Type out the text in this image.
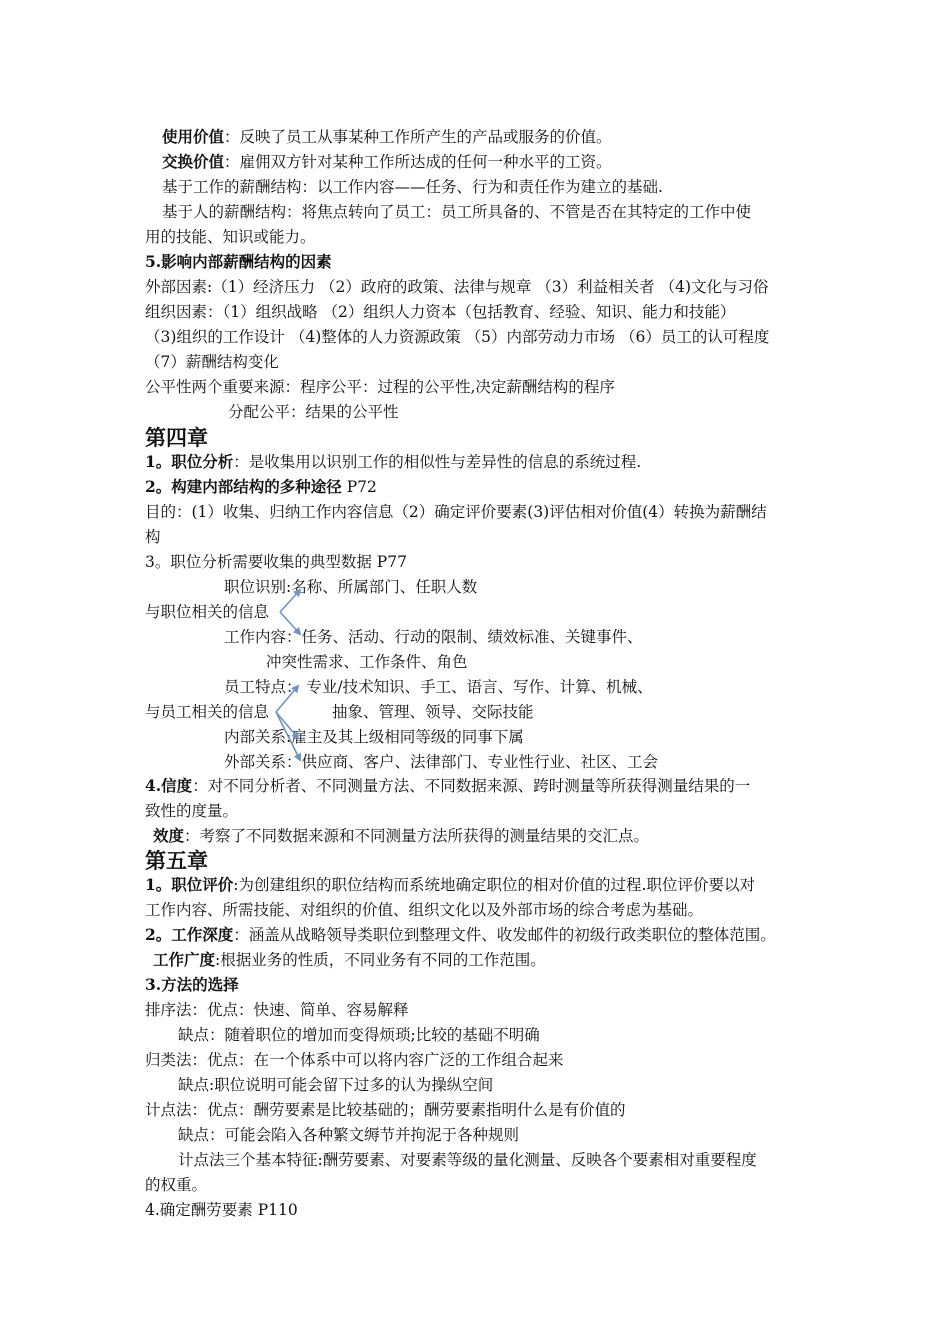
使用价值：反映了员工从事某种工作所产生的产品或服务的价值。
交换价值：雇佣双方针对某种工作所达成的任何一种水平的工资。
基于工作的薪酬结构：以工作内容——任务、行为和责任作为建立的基础.
基于人的薪酬结构：将焦点转向了员工：员工所具备的、不管是否在其特定的工作中使
用的技能、知识或能力。
5.影响内部薪酬结构的因素
外部因素:（1）经济压力 （2）政府的政策、法律与规章 （3）利益相关者 （4)文化与习俗
组织因素：（1）组织战略 （2）组织人力资本（包括教育、经验、知识、能力和技能）
（3)组织的工作设计 （4)整体的人力资源政策 （5）内部劳动力市场 （6）员工的认可程度
（7）薪酬结构变化
公平性两个重要来源：程序公平：过程的公平性,决定薪酬结构的程序
分配公平：结果的公平性
第四章
1。职位分析：是收集用以识别工作的相似性与差异性的信息的系统过程.
2。构建内部结构的多种途径 P72
目的：(1）收集、归纳工作内容信息（2）确定评价要素(3)评估相对价值(4）转换为薪酬结
构
3。职位分析需要收集的典型数据 P77
职位识别:名称、所属部门、任职人数
与职位相关的信息
工作内容：任务、活动、行动的限制、绩效标准、关键事件、
冲突性需求、工作条件、角色
员工特点： 专业/技术知识、手工、语言、写作、计算、机械、
与员工相关的信息	抽象、管理、领导、交际技能
内部关系:雇主及其上级相同等级的同事下属
外部关系：供应商、客户、法律部门、专业性行业、社区、工会
4.信度：对不同分析者、不同测量方法、不同数据来源、跨时测量等所获得测量结果的一
致性的度量。
效度：考察了不同数据来源和不同测量方法所获得的测量结果的交汇点。
第五章
1。职位评价:为创建组织的职位结构而系统地确定职位的相对价值的过程.职位评价要以对
工作内容、所需技能、对组织的价值、组织文化以及外部市场的综合考虑为基础。
2。工作深度：涵盖从战略领导类职位到整理文件、收发邮件的初级行政类职位的整体范围。
工作广度:根据业务的性质，不同业务有不同的工作范围。
3.方法的选择
排序法：优点：快速、简单、容易解释
缺点：随着职位的增加而变得烦琐;比较的基础不明确
归类法：优点：在一个体系中可以将内容广泛的工作组合起来
缺点:职位说明可能会留下过多的认为操纵空间
计点法：优点：酬劳要素是比较基础的；酬劳要素指明什么是有价值的
缺点：可能会陷入各种繁文缛节并拘泥于各种规则
计点法三个基本特征:酬劳要素、对要素等级的量化测量、反映各个要素相对重要程度
的权重。
4.确定酬劳要素 P110
